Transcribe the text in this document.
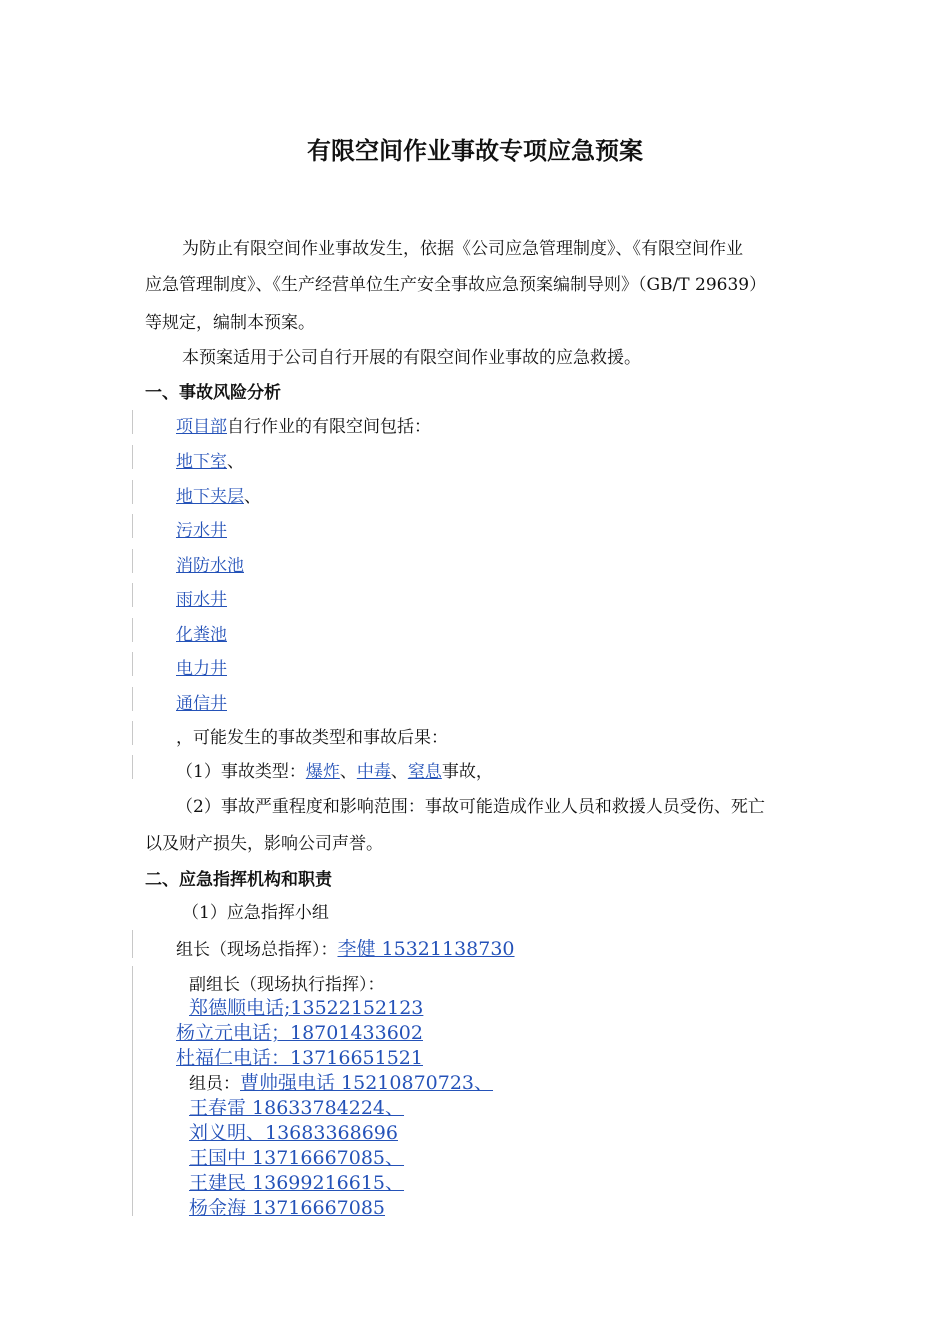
有限空间作业事故专项应急预案
为防止有限空间作业事故发生，依据《公司应急管理制度》、《有限空间作业
应急管理制度》、《生产经营单位生产安全事故应急预案编制导则》（GB/T 29639）
等规定，编制本预案。
本预案适用于公司自行开展的有限空间作业事故的应急救援。
一、事故风险分析
项目部自行作业的有限空间包括：
地下室、
地下夹层、
污水井
消防水池
雨水井
化粪池
电力井
通信井
，可能发生的事故类型和事故后果：
（1）事故类型：爆炸、中毒、窒息事故，
（2）事故严重程度和影响范围：事故可能造成作业人员和救援人员受伤、死亡
以及财产损失，影响公司声誉。
二、应急指挥机构和职责
（1）应急指挥小组
组长（现场总指挥）：李健 15321138730
副组长（现场执行指挥）：
郑德顺电话;13522152123
杨立元电话；18701433602
杜福仁电话：13716651521
组员：曹帅强电话 15210870723、
王春雷 18633784224、
刘义明、13683368696
王国中 13716667085、
王建民 13699216615、
杨金海 13716667085
